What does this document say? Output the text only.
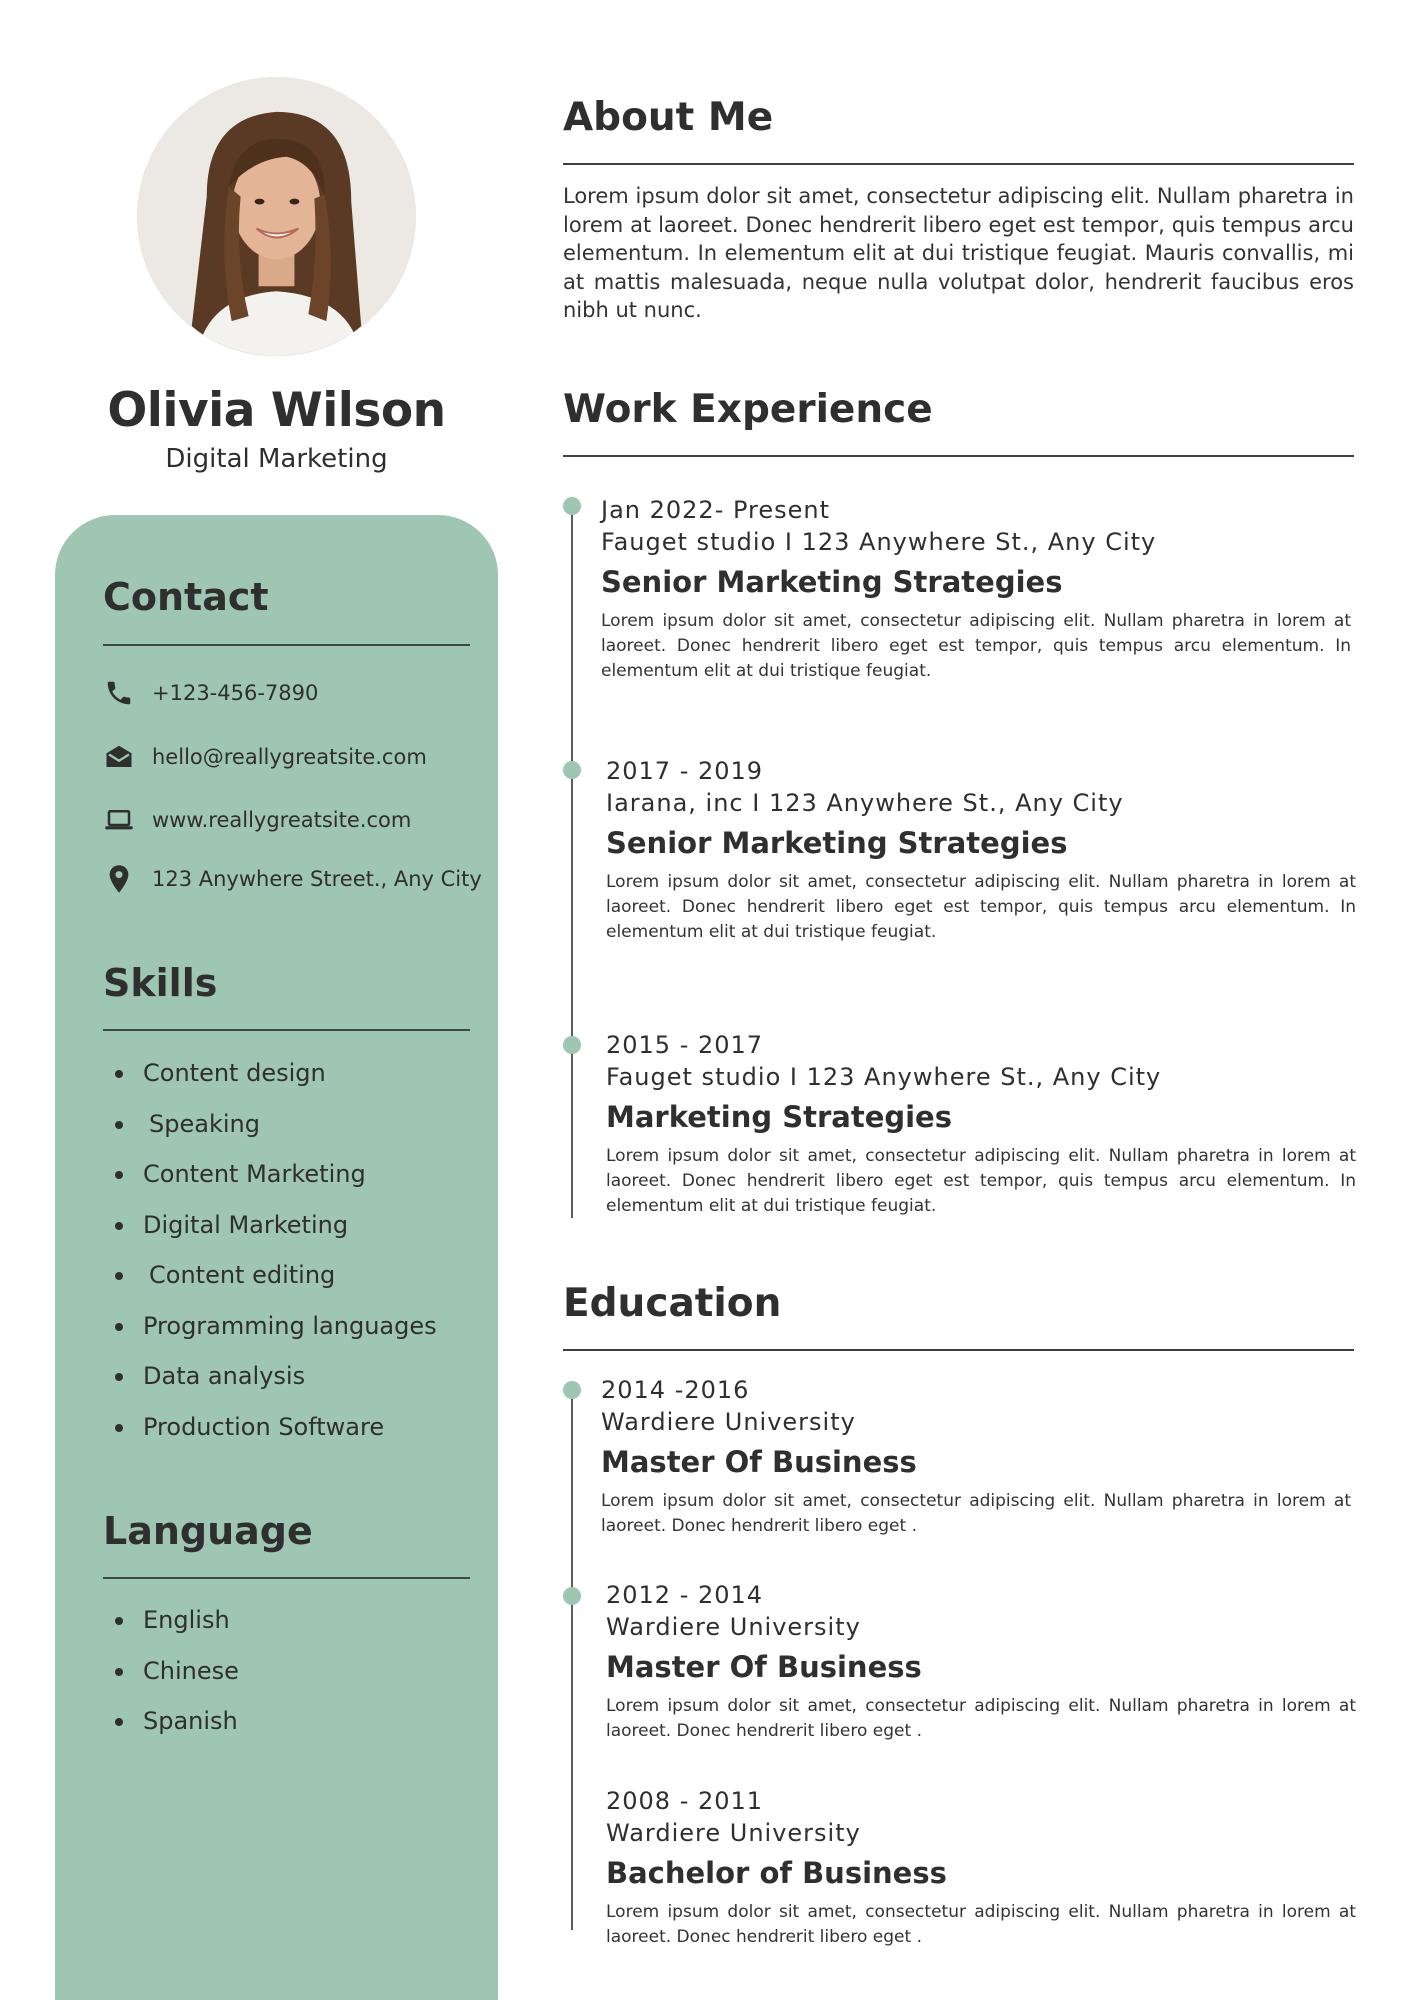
Olivia Wilson
Digital Marketing
Contact
+123-456-7890
hello@reallygreatsite.com
www.reallygreatsite.com
123 Anywhere Street., Any City
Skills
Content design
Speaking
Content Marketing
Digital Marketing
Content editing
Programming languages
Data analysis
Production Software
Language
English
Chinese
Spanish
About Me
Lorem ipsum dolor sit amet, consectetur adipiscing elit. Nullam pharetra in lorem at laoreet. Donec hendrerit libero eget est tempor, quis tempus arcu elementum. In elementum elit at dui tristique feugiat. Mauris convallis, mi at mattis malesuada, neque nulla volutpat dolor, hendrerit faucibus eros nibh ut nunc.
Work Experience
Jan 2022- Present
Fauget studio I 123 Anywhere St., Any City
Senior Marketing Strategies
Lorem ipsum dolor sit amet, consectetur adipiscing elit. Nullam pharetra in lorem at laoreet. Donec hendrerit libero eget est tempor, quis tempus arcu elementum. In elementum elit at dui tristique feugiat.
2017 - 2019
Iarana, inc I 123 Anywhere St., Any City
Senior Marketing Strategies
Lorem ipsum dolor sit amet, consectetur adipiscing elit. Nullam pharetra in lorem at laoreet. Donec hendrerit libero eget est tempor, quis tempus arcu elementum. In elementum elit at dui tristique feugiat.
2015 - 2017
Fauget studio I 123 Anywhere St., Any City
Marketing Strategies
Lorem ipsum dolor sit amet, consectetur adipiscing elit. Nullam pharetra in lorem at laoreet. Donec hendrerit libero eget est tempor, quis tempus arcu elementum. In elementum elit at dui tristique feugiat.
Education
2014 -2016
Wardiere University
Master Of Business
Lorem ipsum dolor sit amet, consectetur adipiscing elit. Nullam pharetra in lorem at laoreet. Donec hendrerit libero eget .
2012 - 2014
Wardiere University
Master Of Business
Lorem ipsum dolor sit amet, consectetur adipiscing elit. Nullam pharetra in lorem at laoreet. Donec hendrerit libero eget .
2008 - 2011
Wardiere University
Bachelor of Business
Lorem ipsum dolor sit amet, consectetur adipiscing elit. Nullam pharetra in lorem at laoreet. Donec hendrerit libero eget .
